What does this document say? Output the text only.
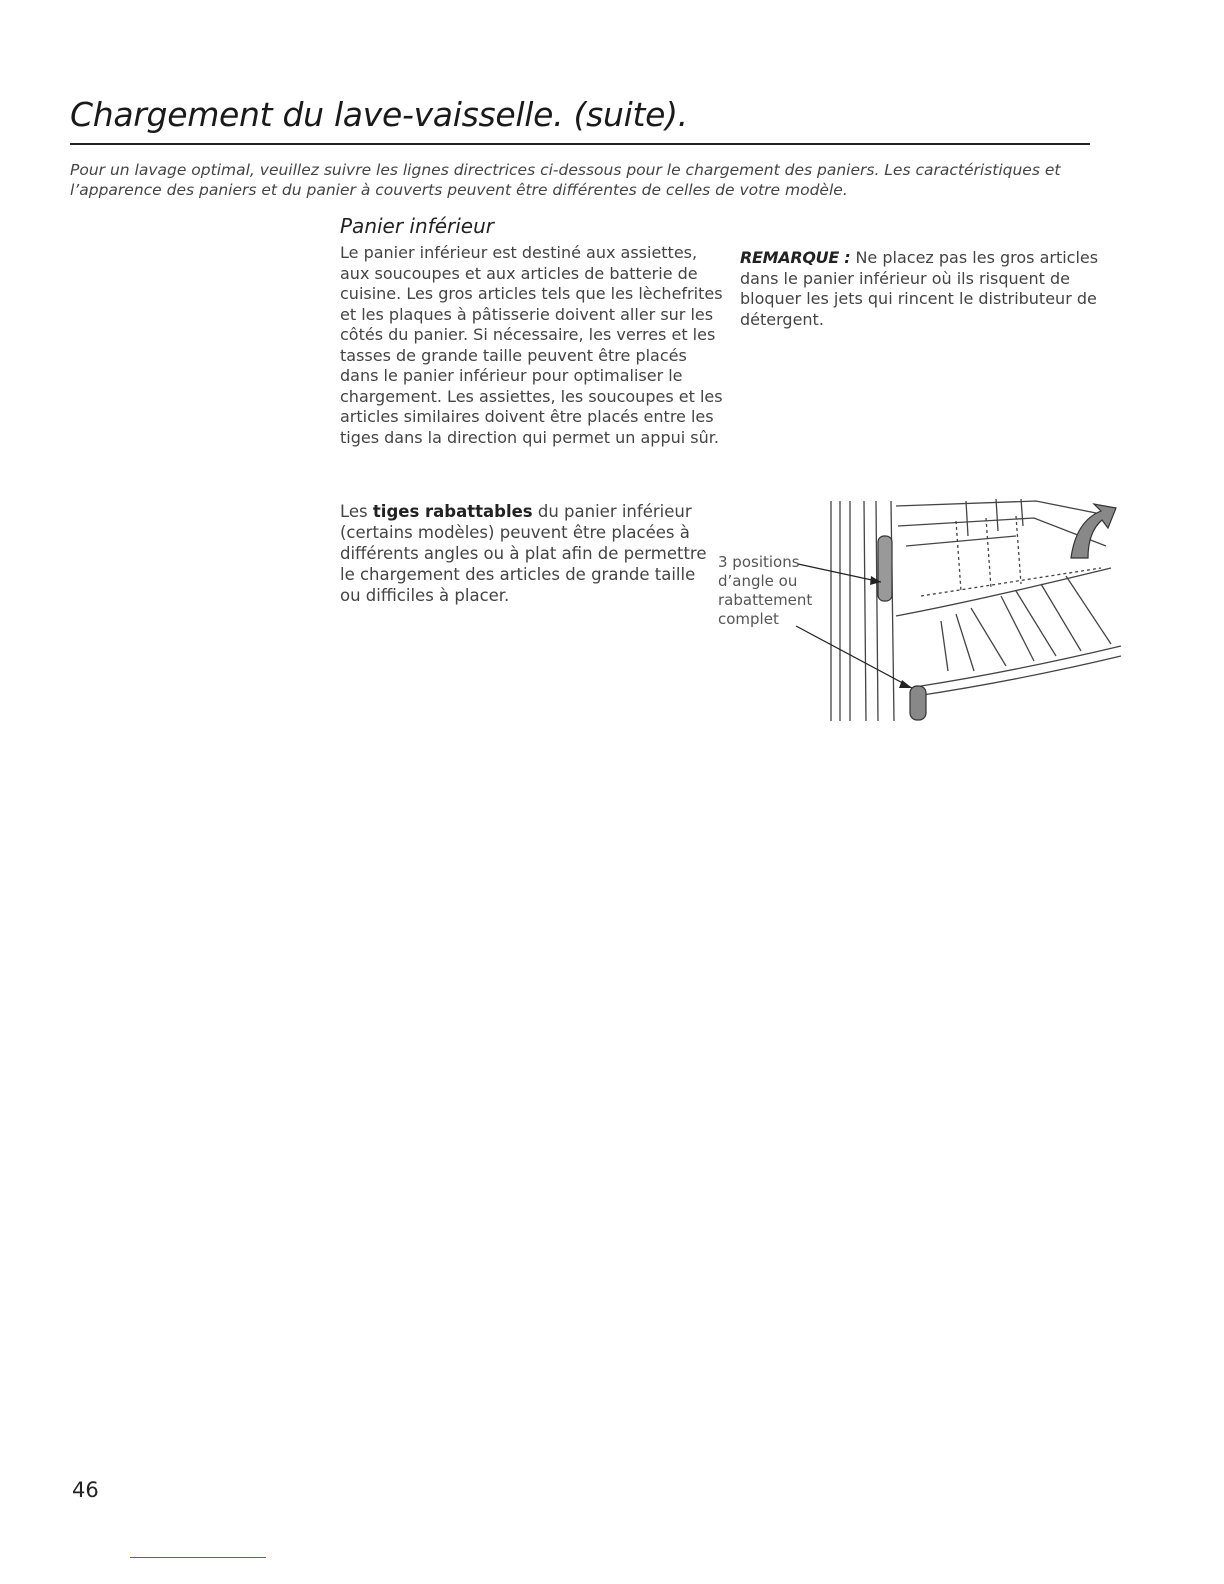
Chargement du lave-vaisselle. (suite).

Pour un lavage optimal, veuillez suivre les lignes directrices ci-dessous pour le chargement des paniers. Les caractéristiques et l’apparence des paniers et du panier à couverts peuvent être différentes de celles de votre modèle.

Panier inférieur

Le panier inférieur est destiné aux assiettes, aux soucoupes et aux articles de batterie de cuisine. Les gros articles tels que les lèchefrites et les plaques à pâtisserie doivent aller sur les côtés du panier. Si nécessaire, les verres et les tasses de grande taille peuvent être placés dans le panier inférieur pour optimaliser le chargement. Les assiettes, les soucoupes et les articles similaires doivent être placés entre les tiges dans la direction qui permet un appui sûr.

REMARQUE : Ne placez pas les gros articles dans le panier inférieur où ils risquent de bloquer les jets qui rincent le distributeur de détergent.

Les tiges rabattables du panier inférieur (certains modèles) peuvent être placées à différents angles ou à plat afin de permettre le chargement des articles de grande taille ou difficiles à placer.

3 positions d’angle ou rabattement complet

46
